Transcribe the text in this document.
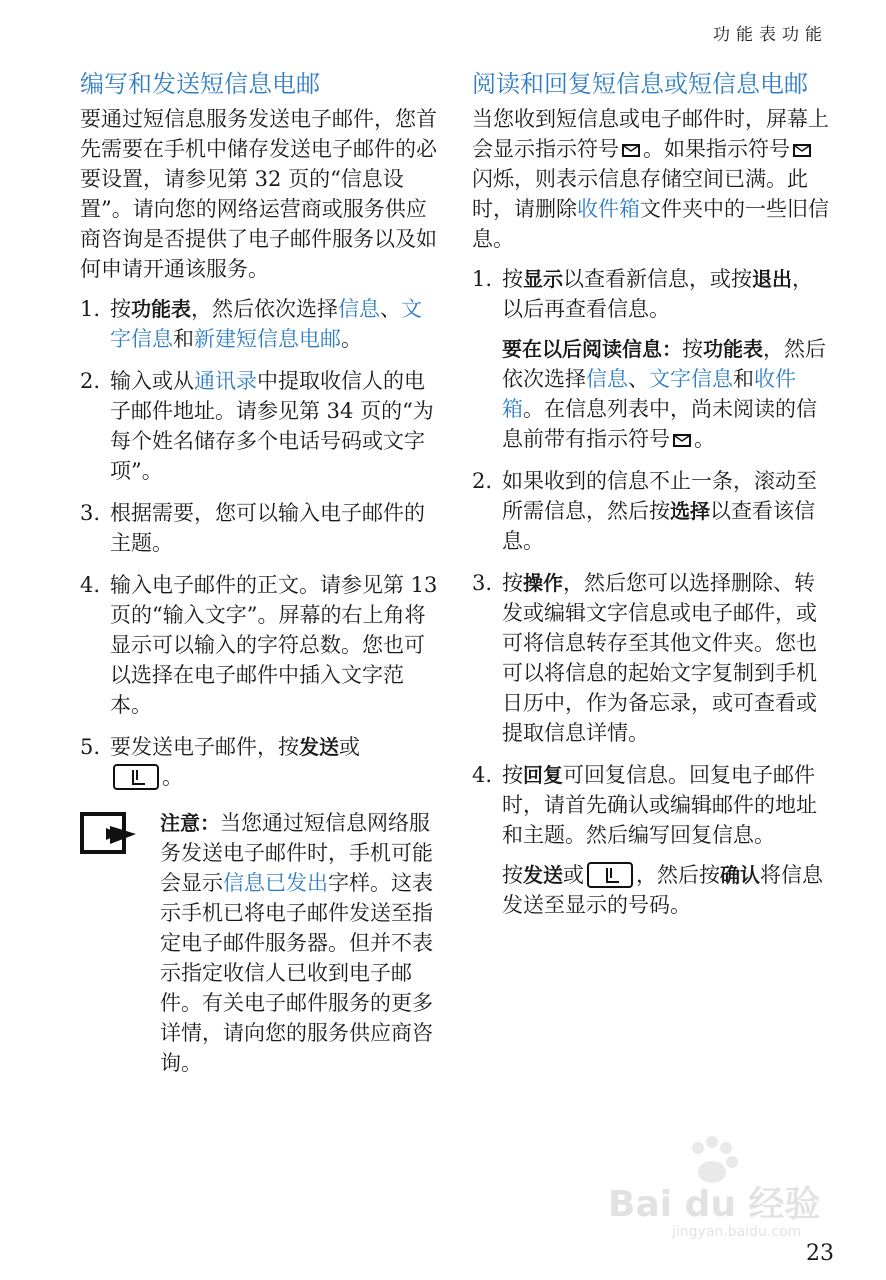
功能表功能
编写和发送短信息电邮

要通过短信息服务发送电子邮件，您首先需要在手机中储存发送电子邮件的必要设置，请参见第 32 页的“信息设置”。请向您的网络运营商或服务供应商咨询是否提供了电子邮件服务以及如何申请开通该服务。

1. 按功能表，然后依次选择信息、文字信息和新建短信息电邮。
2. 输入或从通讯录中提取收信人的电子邮件地址。请参见第 34 页的“为每个姓名储存多个电话号码或文字项”。
3. 根据需要，您可以输入电子邮件的主题。
4. 输入电子邮件的正文。请参见第 13 页的“输入文字”。屏幕的右上角将显示可以输入的字符总数。您也可以选择在电子邮件中插入文字范本。
5. 要发送电子邮件，按发送或

。

注意：当您通过短信息网络服务发送电子邮件时，手机可能会显示信息已发出字样。这表示手机已将电子邮件发送至指定电子邮件服务器。但并不表示指定收信人已收到电子邮件。有关电子邮件服务的更多详情，请向您的服务供应商咨询。

阅读和回复短信息或短信息电邮

当您收到短信息或电子邮件时，屏幕上会显示指示符号 。如果指示符号
闪烁，则表示信息存储空间已满。此时，请删除收件箱文件夹中的一些旧信息。

1. 按显示以查看新信息，或按退出，以后再查看信息。
要在以后阅读信息：按功能表，然后依次选择信息、文字信息和收件箱。在信息列表中，尚未阅读的信息前带有指示符号 。
2. 如果收到的信息不止一条，滚动至所需信息，然后按选择以查看该信息。
3. 按操作，然后您可以选择删除、转发或编辑文字信息或电子邮件，或可将信息转存至其他文件夹。您也可以将信息的起始文字复制到手机日历中，作为备忘录，或可查看或提取信息详情。
4. 按回复可回复信息。回复电子邮件时，请首先确认或编辑邮件的地址和主题。然后编写回复信息。
按发送或 ，然后按确认将信息发送至显示的号码。
Bai du 经验
jingyan.baidu.com
23
